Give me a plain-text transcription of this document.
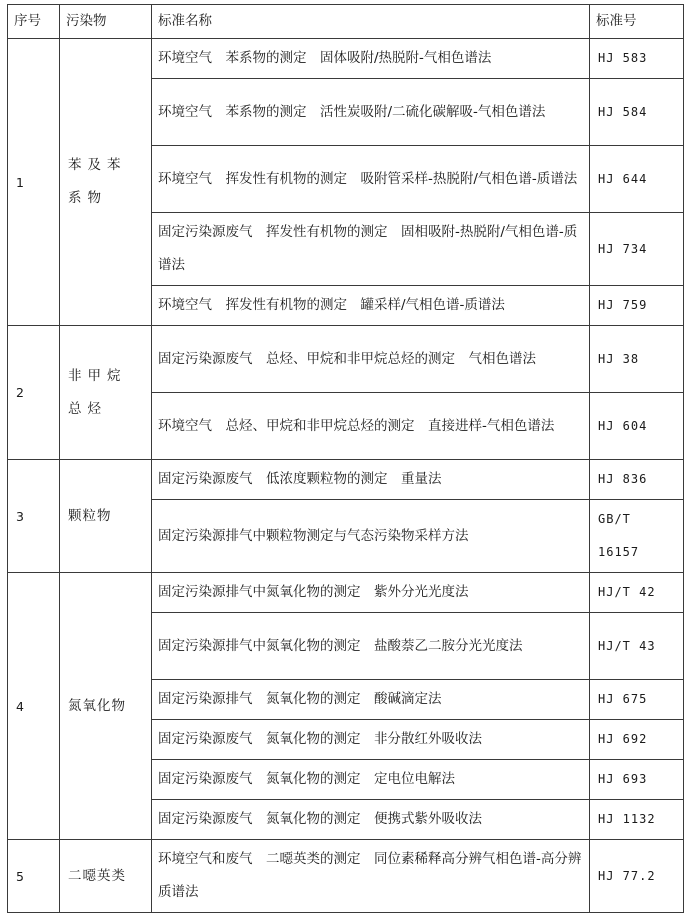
序号	污染物	标准名称	标准号
1	苯及苯系物	环境空气　苯系物的测定　固体吸附/热脱附-气相色谱法	HJ 583
		环境空气　苯系物的测定　活性炭吸附/二硫化碳解吸-气相色谱法	HJ 584
		环境空气　挥发性有机物的测定　吸附管采样-热脱附/气相色谱-质谱法	HJ 644
		固定污染源废气　挥发性有机物的测定　固相吸附-热脱附/气相色谱-质谱法	HJ 734
		环境空气　挥发性有机物的测定　罐采样/气相色谱-质谱法	HJ 759
2	非甲烷总烃	固定污染源废气　总烃、甲烷和非甲烷总烃的测定　气相色谱法	HJ 38
		环境空气　总烃、甲烷和非甲烷总烃的测定　直接进样-气相色谱法	HJ 604
3	颗粒物	固定污染源废气　低浓度颗粒物的测定　重量法	HJ 836
		固定污染源排气中颗粒物测定与气态污染物采样方法	GB/T 16157
4	氮氧化物	固定污染源排气中氮氧化物的测定　紫外分光光度法	HJ/T 42
		固定污染源排气中氮氧化物的测定　盐酸萘乙二胺分光光度法	HJ/T 43
		固定污染源排气　氮氧化物的测定　酸碱滴定法	HJ 675
		固定污染源废气　氮氧化物的测定　非分散红外吸收法	HJ 692
		固定污染源废气　氮氧化物的测定　定电位电解法	HJ 693
		固定污染源废气　氮氧化物的测定　便携式紫外吸收法	HJ 1132
5	二噁英类	环境空气和废气　二噁英类的测定　同位素稀释高分辨气相色谱-高分辨质谱法	HJ 77.2
